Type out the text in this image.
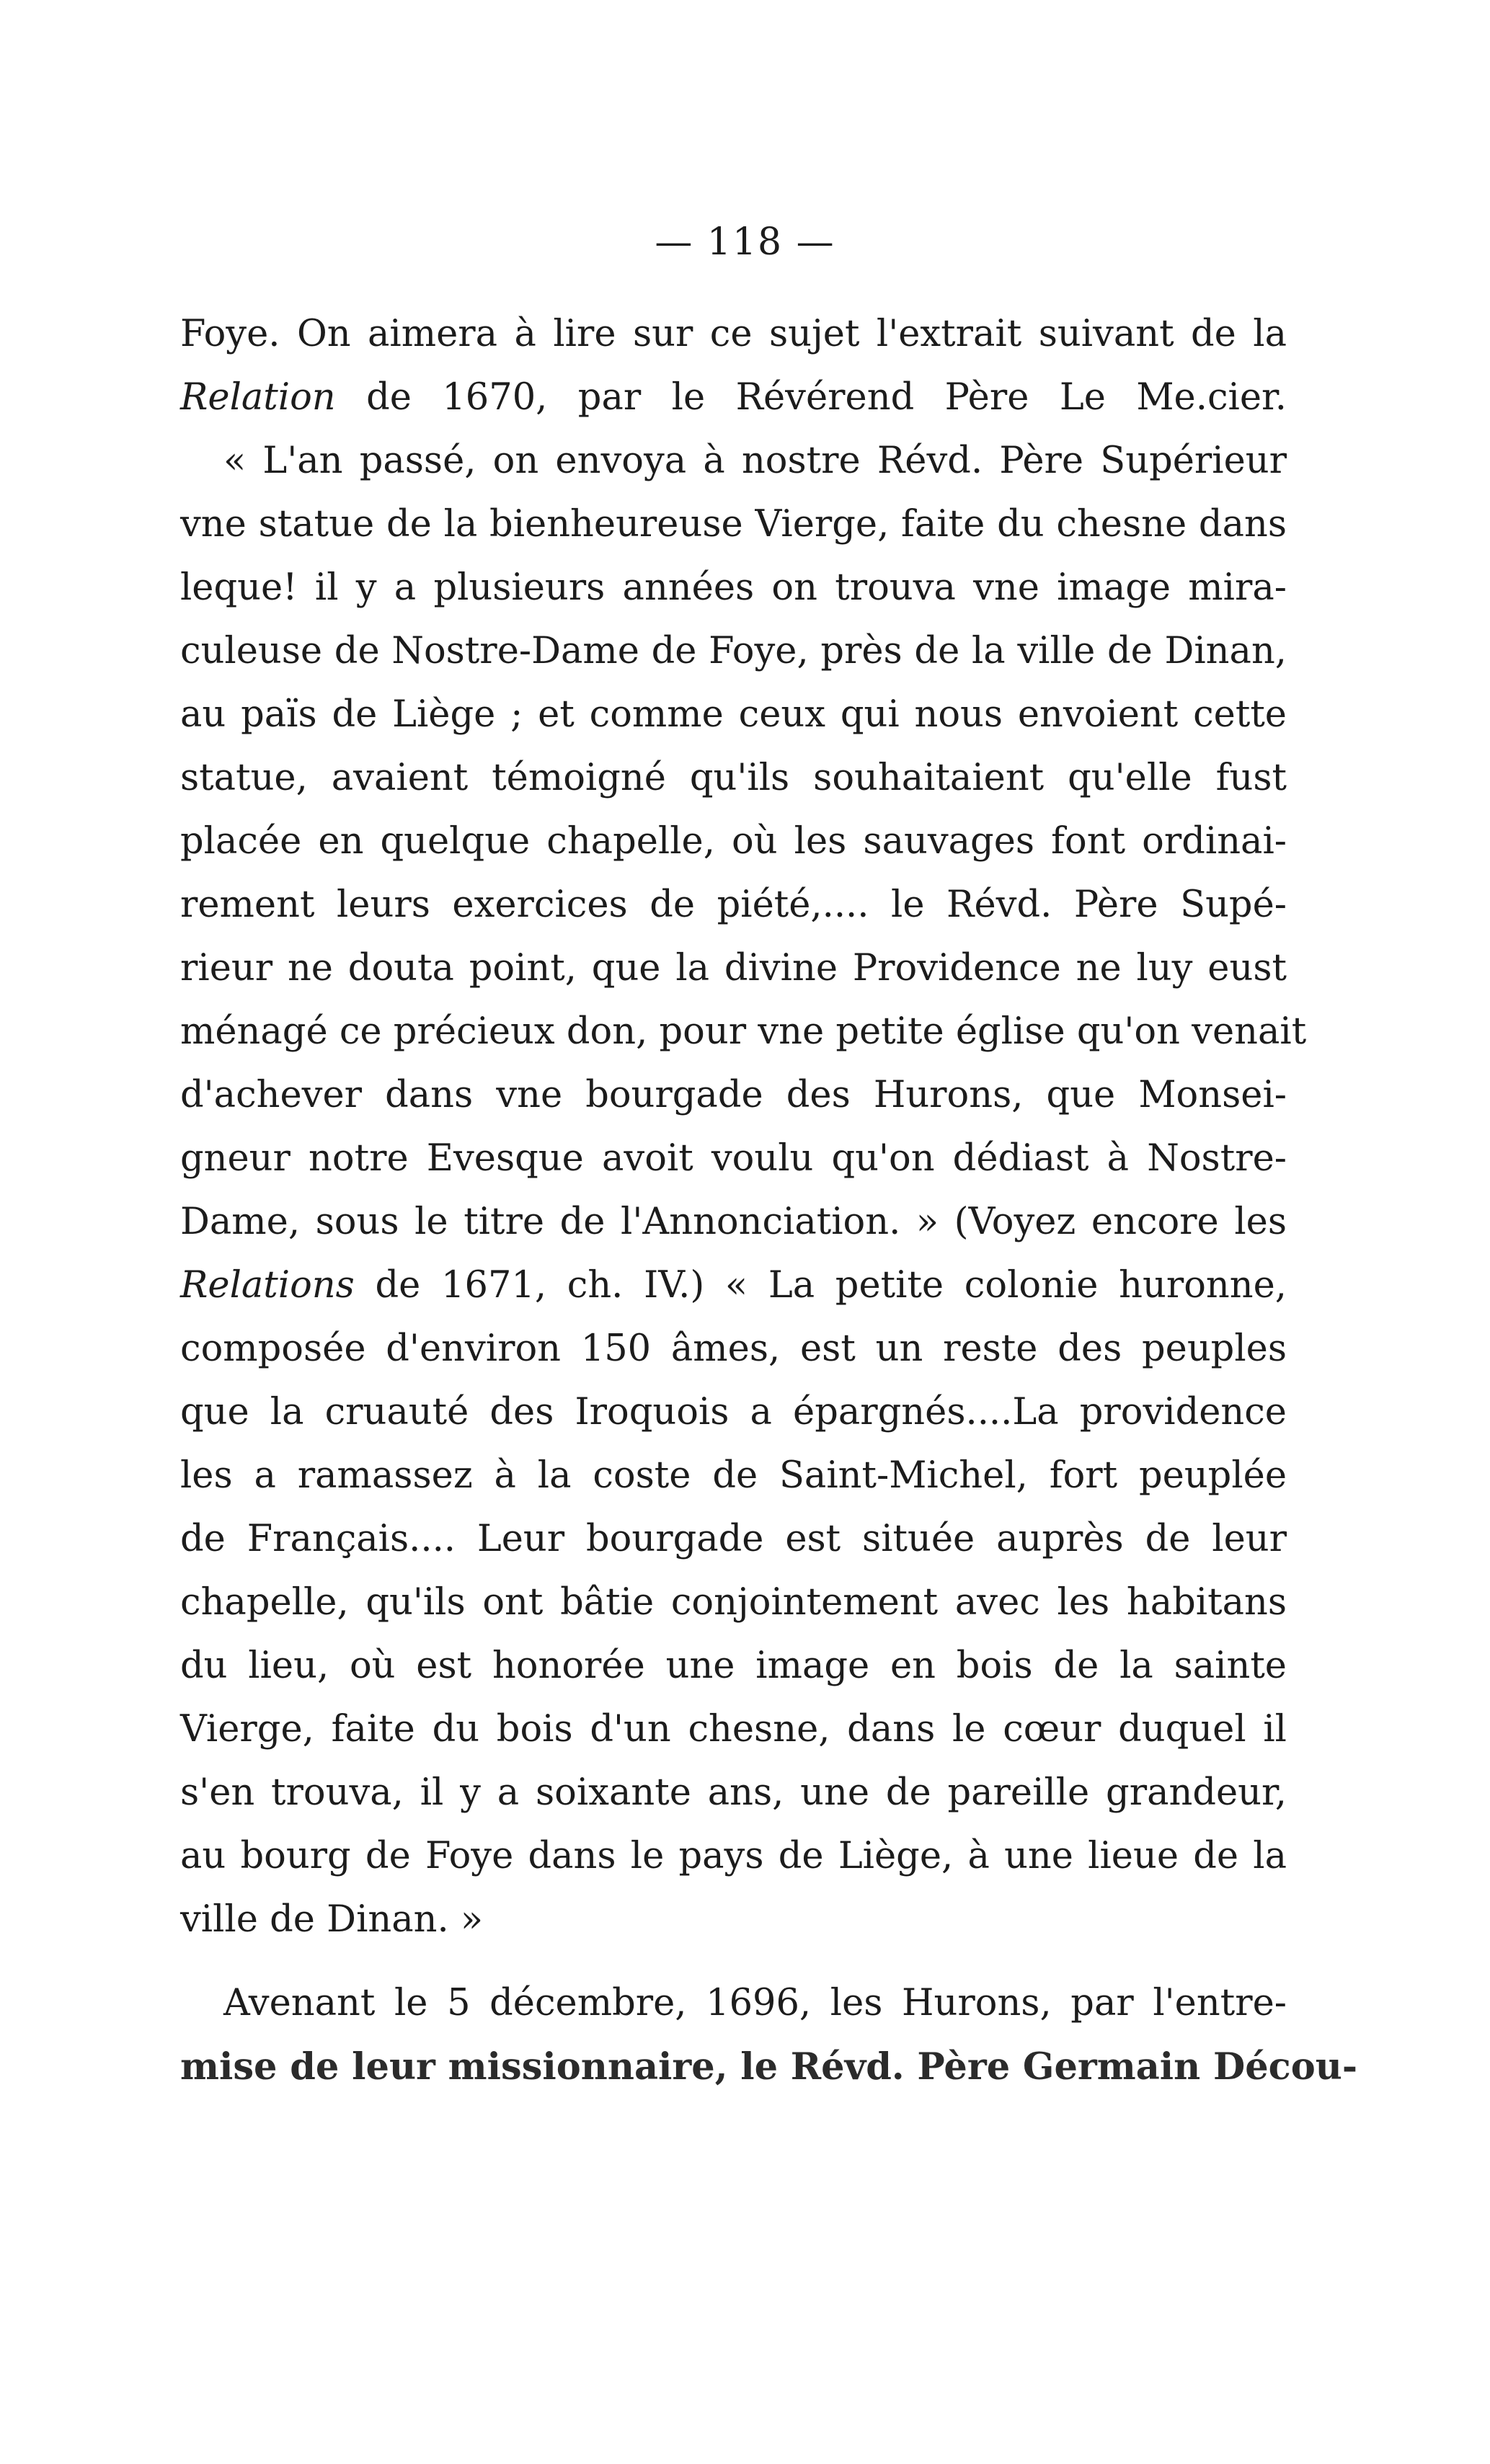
— 118 —
Foye. On aimera à lire sur ce sujet l'extrait suivant de la
Relation de 1670, par le Révérend Père Le Me.cier.
« L'an passé, on envoya à nostre Révd. Père Supérieur
vne statue de la bienheureuse Vierge, faite du chesne dans
leque! il y a plusieurs années on trouva vne image mira-
culeuse de Nostre-Dame de Foye, près de la ville de Dinan,
au païs de Liège ; et comme ceux qui nous envoient cette
statue, avaient témoigné qu'ils souhaitaient qu'elle fust
placée en quelque chapelle, où les sauvages font ordinai-
rement leurs exercices de piété,.... le Révd. Père Supé-
rieur ne douta point, que la divine Providence ne luy eust
ménagé ce précieux don, pour vne petite église qu'on venait
d'achever dans vne bourgade des Hurons, que Monsei-
gneur notre Evesque avoit voulu qu'on dédiast à Nostre-
Dame, sous le titre de l'Annonciation. » (Voyez encore les
Relations de 1671, ch. IV.) « La petite colonie huronne,
composée d'environ 150 âmes, est un reste des peuples
que la cruauté des Iroquois a épargnés....La providence
les a ramassez à la coste de Saint-Michel, fort peuplée
de Français.... Leur bourgade est située auprès de leur
chapelle, qu'ils ont bâtie conjointement avec les habitans
du lieu, où est honorée une image en bois de la sainte
Vierge, faite du bois d'un chesne, dans le cœur duquel il
s'en trouva, il y a soixante ans, une de pareille grandeur,
au bourg de Foye dans le pays de Liège, à une lieue de la
ville de Dinan. »
Avenant le 5 décembre, 1696, les Hurons, par l'entre-
mise de leur missionnaire, le Révd. Père Germain Décou-
